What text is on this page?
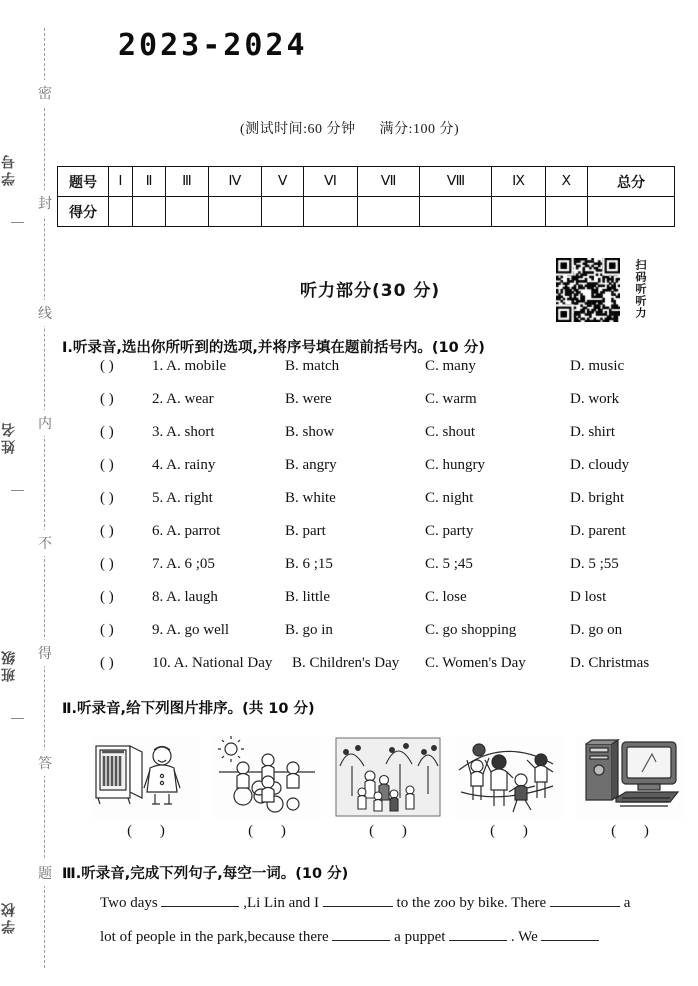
学号
姓名
班级
学校
密
封
线
内
不
得
答
题
2023-2024
(测试时间:60 分钟      满分:100 分)
题号	Ⅰ	Ⅱ	Ⅲ	Ⅳ	Ⅴ	Ⅵ	Ⅶ	Ⅷ	Ⅸ	Ⅹ	总分
得分											
听力部分(30 分)	扫码听听力
Ⅰ.听录音,选出你所听到的选项,并将序号填在题前括号内。(10 分)
( )	1. A. mobile	B. match	C. many	D. music
( )	2. A. wear	B. were	C. warm	D. work
( )	3. A. short	B. show	C. shout	D. shirt
( )	4. A. rainy	B. angry	C. hungry	D. cloudy
( )	5. A. right	B. white	C. night	D. bright
( )	6. A. parrot	B. part	C. party	D. parent
( )	7. A. 6 ;05	B. 6 ;15	C. 5 ;45	D. 5 ;55
( )	8. A. laugh	B. little	C. lose	D lost
( )	9. A. go well	B. go in	C. go shopping	D. go on
( )	10. A. National Day B. Children's Day C. Women's Day	D. Christmas
Ⅱ.听录音,给下列图片排序。(共 10 分)
( )	( )	( )	( )	( )
Ⅲ.听录音,完成下列句子,每空一词。(10 分)
Two days	,Li Lin and I	to the zoo by bike. There	a
lot of people in the park,because there	a puppet	. We
